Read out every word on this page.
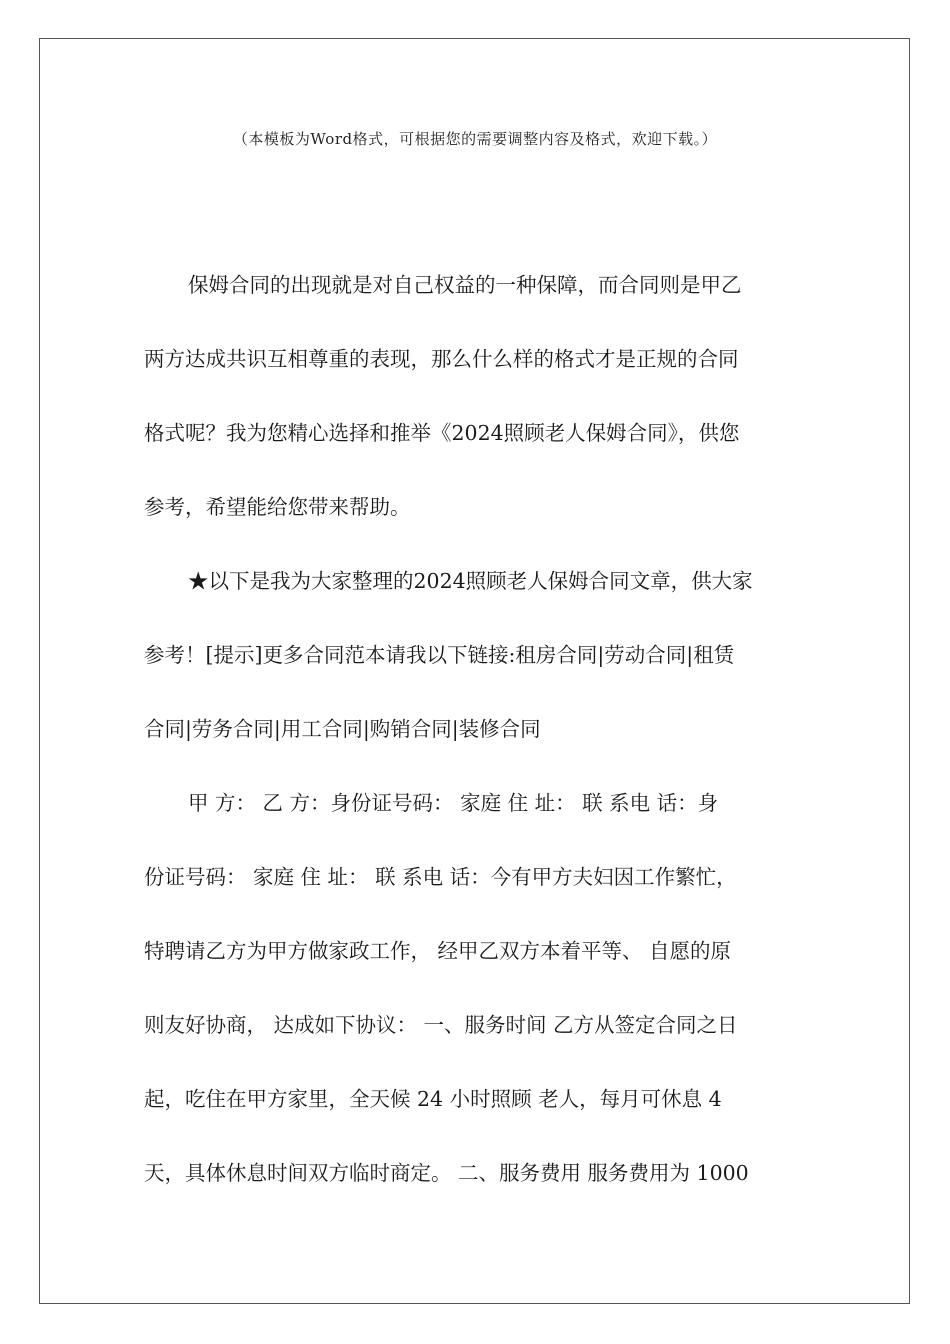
（本模板为Word格式，可根据您的需要调整内容及格式，欢迎下载。）
保姆合同的出现就是对自己权益的一种保障，而合同则是甲乙
两方达成共识互相尊重的表现，那么什么样的格式才是正规的合同
格式呢？我为您精心选择和推举《2024照顾老人保姆合同》，供您
参考，希望能给您带来帮助。
★以下是我为大家整理的2024照顾老人保姆合同文章，供大家
参考！[提示]更多合同范本请我以下链接:租房合同|劳动合同|租赁
合同|劳务合同|用工合同|购销合同|装修合同
甲 方： 乙 方：身份证号码： 家庭 住 址： 联 系电 话：身
份证号码： 家庭 住 址： 联 系电 话：今有甲方夫妇因工作繁忙，
特聘请乙方为甲方做家政工作， 经甲乙双方本着平等、 自愿的原
则友好协商， 达成如下协议： 一、服务时间 乙方从签定合同之日
起，吃住在甲方家里，全天候 24 小时照顾 老人，每月可休息 4
天，具体休息时间双方临时商定。 二、服务费用 服务费用为 1000
